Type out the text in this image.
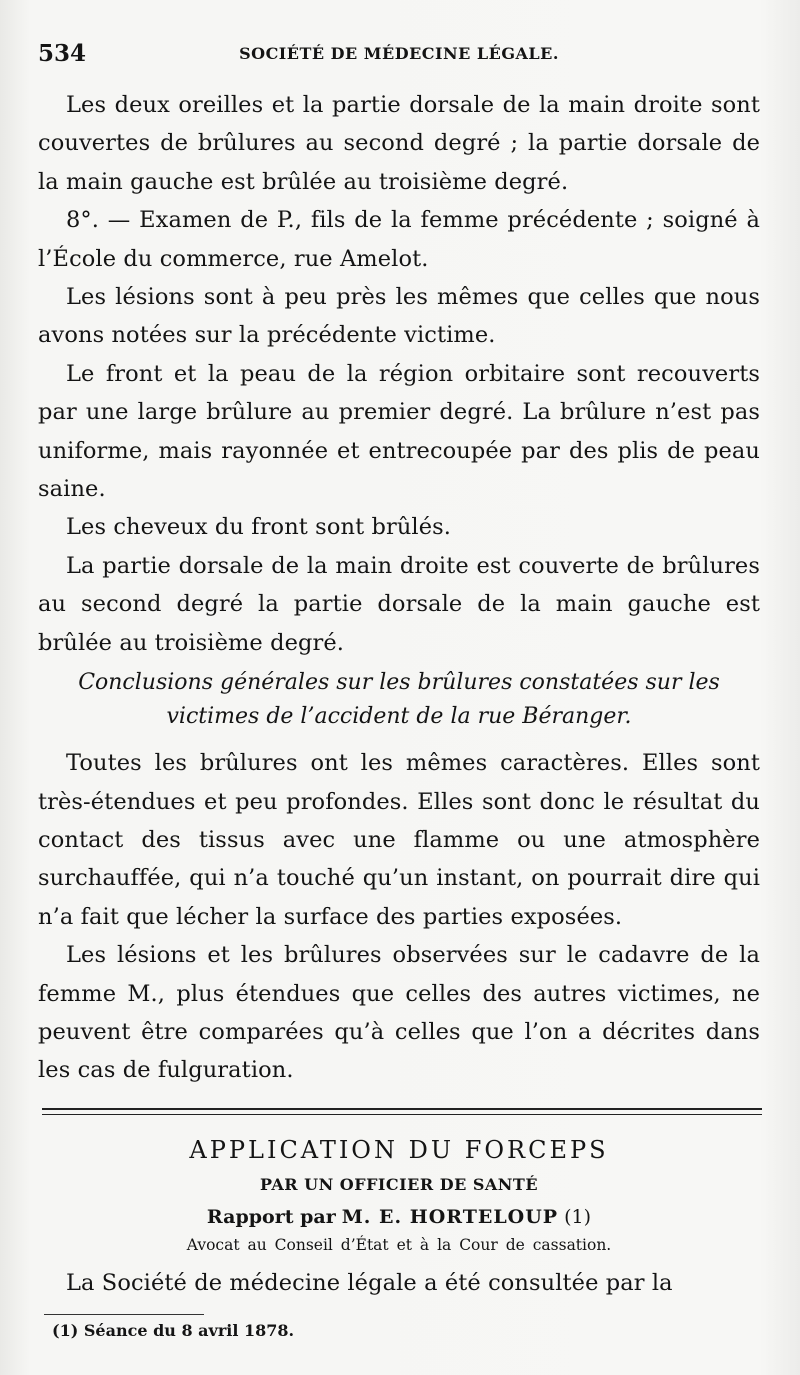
534	SOCIÉTÉ DE MÉDECINE LÉGALE.

Les deux oreilles et la partie dorsale de la main droite sont couvertes de brûlures au second degré ; la partie dorsale de la main gauche est brûlée au troisième degré.

8°. — Examen de P., fils de la femme précédente ; soigné à l’École du commerce, rue Amelot.

Les lésions sont à peu près les mêmes que celles que nous avons notées sur la précédente victime.

Le front et la peau de la région orbitaire sont recouverts par une large brûlure au premier degré. La brûlure n’est pas uniforme, mais rayonnée et entrecoupée par des plis de peau saine.

Les cheveux du front sont brûlés.

La partie dorsale de la main droite est couverte de brûlures au second degré la partie dorsale de la main gauche est brûlée au troisième degré.

Conclusions générales sur les brûlures constatées sur les
victimes de l’accident de la rue Béranger.

Toutes les brûlures ont les mêmes caractères. Elles sont très-étendues et peu profondes. Elles sont donc le résultat du contact des tissus avec une flamme ou une atmosphère surchauffée, qui n’a touché qu’un instant, on pourrait dire qui n’a fait que lécher la surface des parties exposées.

Les lésions et les brûlures observées sur le cadavre de la femme M., plus étendues que celles des autres victimes, ne peuvent être comparées qu’à celles que l’on a décrites dans les cas de fulguration.

APPLICATION DU FORCEPS
PAR UN OFFICIER DE SANTÉ
Rapport par M. E. HORTELOUP (1)
Avocat au Conseil d’État et à la Cour de cassation.

La Société de médecine légale a été consultée par la

(1) Séance du 8 avril 1878.
